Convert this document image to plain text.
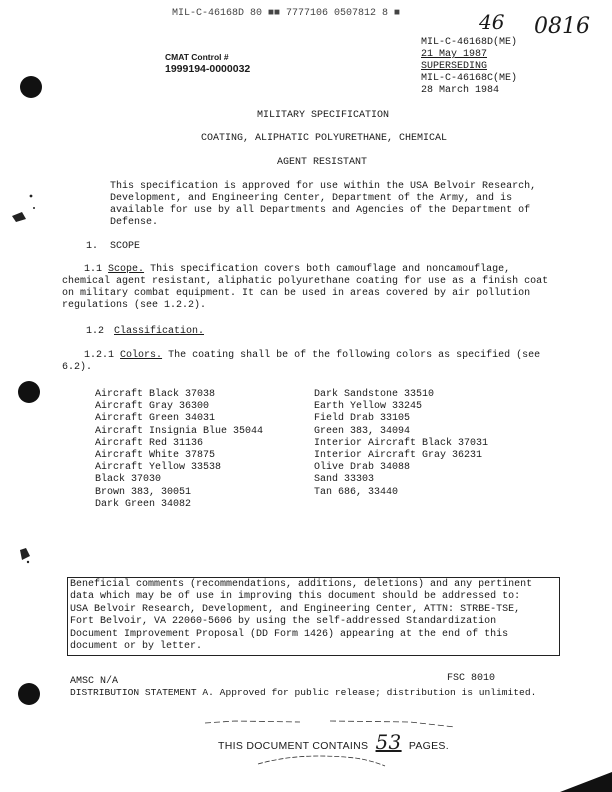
MIL-C-46168D 80 ■■ 7777106 0507812 8 ■	46 0816
MIL-C-46168D(ME)
21 May 1987
SUPERSEDING
MIL-C-46168C(ME)
28 March 1984
CMAT Control #
1999194-0000032
MILITARY SPECIFICATION
COATING, ALIPHATIC POLYURETHANE, CHEMICAL
AGENT RESISTANT
This specification is approved for use within the USA Belvoir Research, Development, and Engineering Center, Department of the Army, and is available for use by all Departments and Agencies of the Department of Defense.
1. SCOPE
1.1 Scope. This specification covers both camouflage and noncamouflage, chemical agent resistant, aliphatic polyurethane coating for use as a finish coat on military combat equipment. It can be used in areas covered by air pollution regulations (see 1.2.2).
1.2 Classification.
1.2.1 Colors. The coating shall be of the following colors as specified (see 6.2).
Aircraft Black 37038
Aircraft Gray 36300
Aircraft Green 34031
Aircraft Insignia Blue 35044
Aircraft Red 31136
Aircraft White 37875
Aircraft Yellow 33538
Black 37030
Brown 383, 30051
Dark Green 34082
Dark Sandstone 33510
Earth Yellow 33245
Field Drab 33105
Green 383, 34094
Interior Aircraft Black 37031
Interior Aircraft Gray 36231
Olive Drab 34088
Sand 33303
Tan 686, 33440
Beneficial comments (recommendations, additions, deletions) and any pertinent
data which may be of use in improving this document should be addressed to:
USA Belvoir Research, Development, and Engineering Center, ATTN: STRBE-TSE,
Fort Belvoir, VA 22060-5606 by using the self-addressed Standardization
Document Improvement Proposal (DD Form 1426) appearing at the end of this
document or by letter.
AMSC N/A	FSC 8010
DISTRIBUTION STATEMENT A. Approved for public release; distribution is unlimited.
THIS DOCUMENT CONTAINS 53 PAGES.
